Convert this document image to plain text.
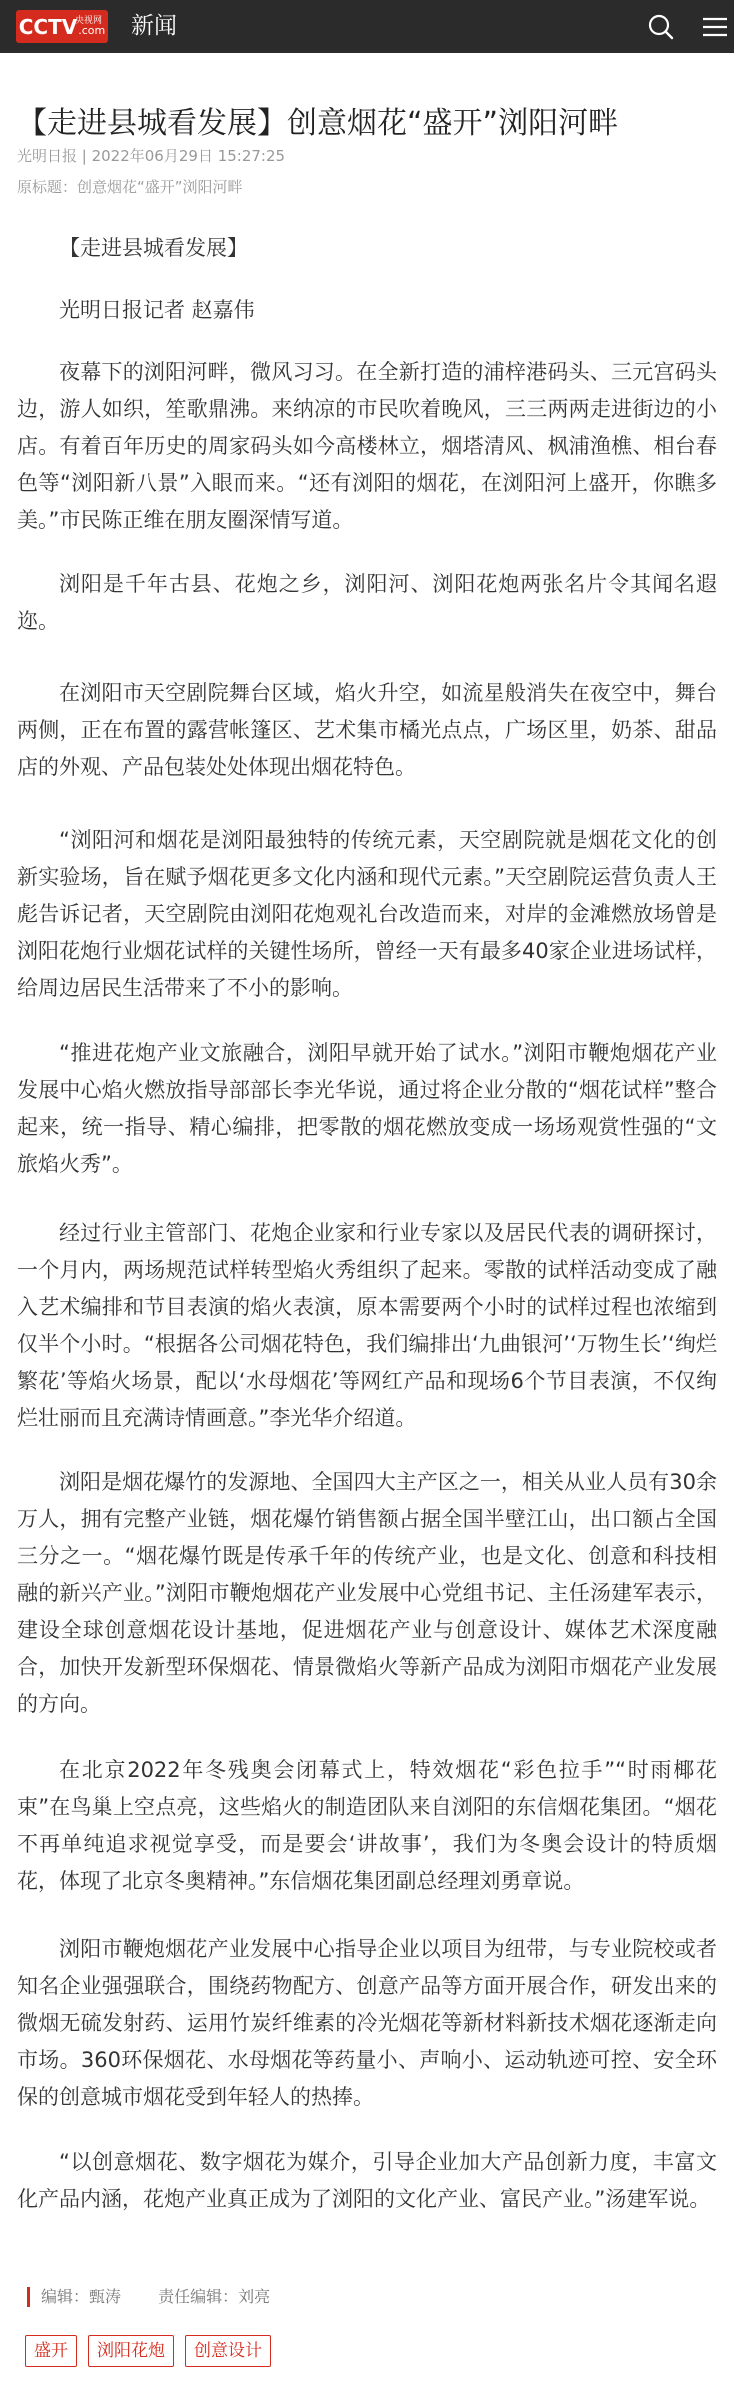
央视网
CCTV .com 新闻
【走进县城看发展】创意烟花“盛开”浏阳河畔
光明日报 | 2022年06月29日 15:27:25
原标题：创意烟花“盛开”浏阳河畔

【走进县城看发展】

光明日报记者 赵嘉伟

夜幕下的浏阳河畔，微风习习。在全新打造的浦梓港码头、三元宫码头边，游人如织，笙歌鼎沸。来纳凉的市民吹着晚风，三三两两走进街边的小店。有着百年历史的周家码头如今高楼林立，烟塔清风、枫浦渔樵、相台春色等“浏阳新八景”入眼而来。“还有浏阳的烟花，在浏阳河上盛开，你瞧多美。”市民陈正维在朋友圈深情写道。

浏阳是千年古县、花炮之乡，浏阳河、浏阳花炮两张名片令其闻名遐迩。

在浏阳市天空剧院舞台区域，焰火升空，如流星般消失在夜空中，舞台两侧，正在布置的露营帐篷区、艺术集市橘光点点，广场区里，奶茶、甜品店的外观、产品包装处处体现出烟花特色。

“浏阳河和烟花是浏阳最独特的传统元素，天空剧院就是烟花文化的创新实验场，旨在赋予烟花更多文化内涵和现代元素。”天空剧院运营负责人王彪告诉记者，天空剧院由浏阳花炮观礼台改造而来，对岸的金滩燃放场曾是浏阳花炮行业烟花试样的关键性场所，曾经一天有最多40家企业进场试样，给周边居民生活带来了不小的影响。

“推进花炮产业文旅融合，浏阳早就开始了试水。”浏阳市鞭炮烟花产业发展中心焰火燃放指导部部长李光华说，通过将企业分散的“烟花试样”整合起来，统一指导、精心编排，把零散的烟花燃放变成一场场观赏性强的“文旅焰火秀”。

经过行业主管部门、花炮企业家和行业专家以及居民代表的调研探讨，一个月内，两场规范试样转型焰火秀组织了起来。零散的试样活动变成了融入艺术编排和节目表演的焰火表演，原本需要两个小时的试样过程也浓缩到仅半个小时。“根据各公司烟花特色，我们编排出‘九曲银河’‘万物生长’‘绚烂繁花’等焰火场景，配以‘水母烟花’等网红产品和现场6个节目表演，不仅绚烂壮丽而且充满诗情画意。”李光华介绍道。

浏阳是烟花爆竹的发源地、全国四大主产区之一，相关从业人员有30余万人，拥有完整产业链，烟花爆竹销售额占据全国半壁江山，出口额占全国三分之一。“烟花爆竹既是传承千年的传统产业，也是文化、创意和科技相融的新兴产业。”浏阳市鞭炮烟花产业发展中心党组书记、主任汤建军表示，建设全球创意烟花设计基地，促进烟花产业与创意设计、媒体艺术深度融合，加快开发新型环保烟花、情景微焰火等新产品成为浏阳市烟花产业发展的方向。

在北京2022年冬残奥会闭幕式上，特效烟花“彩色拉手”“时雨椰花束”在鸟巢上空点亮，这些焰火的制造团队来自浏阳的东信烟花集团。“烟花不再单纯追求视觉享受，而是要会‘讲故事’，我们为冬奥会设计的特质烟花，体现了北京冬奥精神。”东信烟花集团副总经理刘勇章说。

浏阳市鞭炮烟花产业发展中心指导企业以项目为纽带，与专业院校或者知名企业强强联合，围绕药物配方、创意产品等方面开展合作，研发出来的微烟无硫发射药、运用竹炭纤维素的冷光烟花等新材料新技术烟花逐渐走向市场。360环保烟花、水母烟花等药量小、声响小、运动轨迹可控、安全环保的创意城市烟花受到年轻人的热捧。

“以创意烟花、数字烟花为媒介，引导企业加大产品创新力度，丰富文化产品内涵，花炮产业真正成为了浏阳的文化产业、富民产业。”汤建军说。

编辑：甄涛 责任编辑：刘亮
盛开	浏阳花炮	创意设计
